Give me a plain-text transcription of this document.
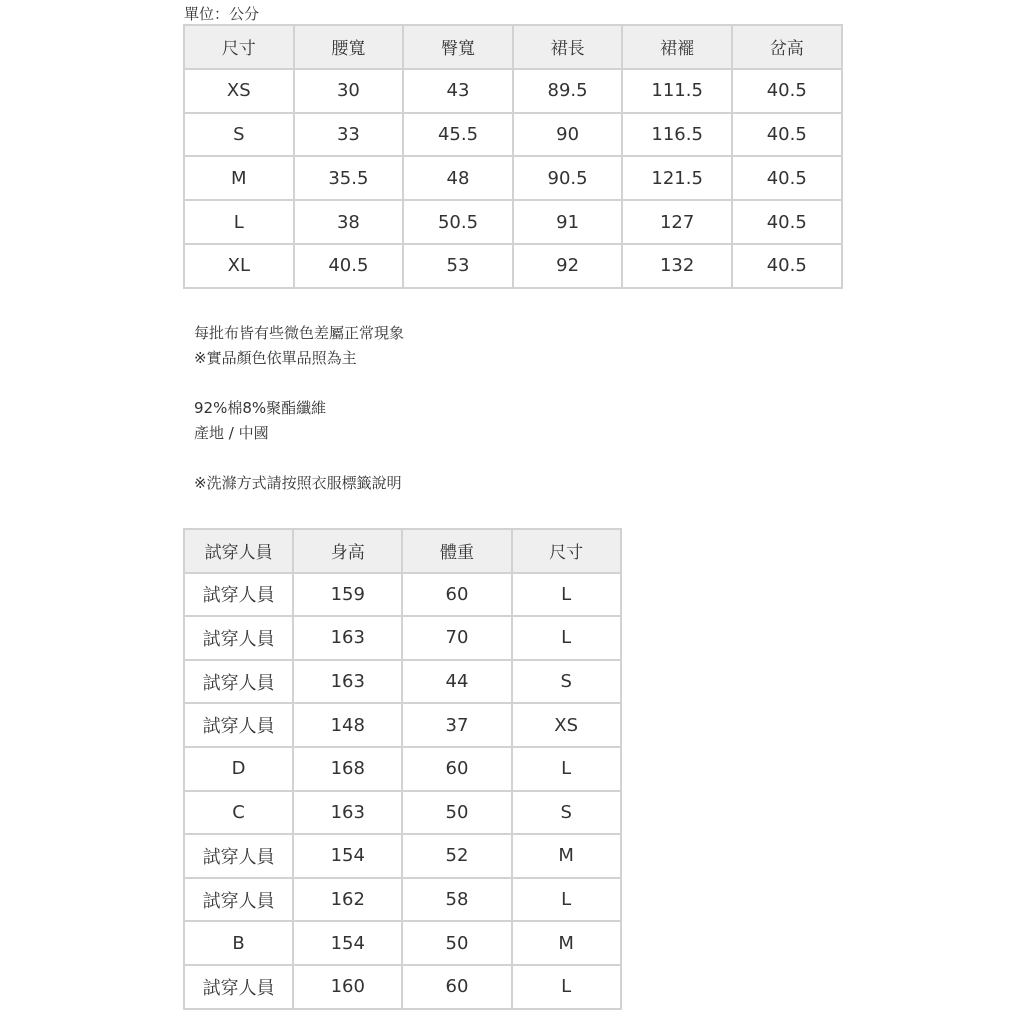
單位：公分
尺寸	腰寬	臀寬	裙長	裙襬	岔高
XS	30	43	89.5	111.5	40.5
S	33	45.5	90	116.5	40.5
M	35.5	48	90.5	121.5	40.5
L	38	50.5	91	127	40.5
XL	40.5	53	92	132	40.5

每批布皆有些微色差屬正常現象

※實品顏色依單品照為主

92%棉8%聚酯纖維

產地 / 中國

※洗滌方式請按照衣服標籤說明

試穿人員	身高	體重	尺寸
試穿人員	159	60	L
試穿人員	163	70	L
試穿人員	163	44	S
試穿人員	148	37	XS
D	168	60	L
C	163	50	S
試穿人員	154	52	M
試穿人員	162	58	L
B	154	50	M
試穿人員	160	60	L
